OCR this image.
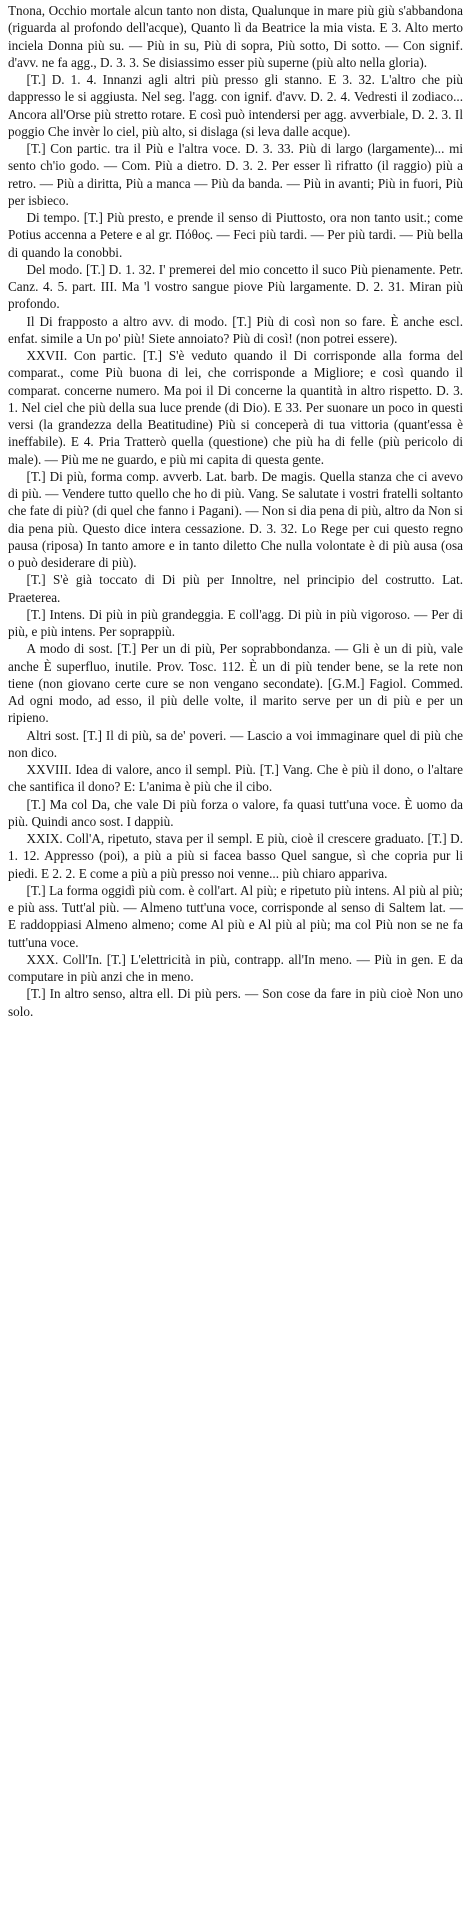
Tnona, Occhio mortale alcun tanto non dista, Qualunque in mare più giù s'abbandona (riguarda al profondo dell'acque), Quanto lì da Beatrice la mia vista. E 3. Alto merto inciela Donna più su. — Più in su, Più di sopra, Più sotto, Di sotto. — Con signif. d'avv. ne fa agg., D. 3. 3. Se disiassimo esser più superne (più alto nella gloria).

[T.] D. 1. 4. Innanzi agli altri più presso gli stanno. E 3. 32. L'altro che più dappresso le si aggiusta. Nel seg. l'agg. con ignif. d'avv. D. 2. 4. Vedresti il zodiaco... Ancora all'Orse più stretto rotare. E così può intendersi per agg. avverbiale, D. 2. 3. Il poggio Che invèr lo ciel, più alto, si dislaga (si leva dalle acque).

[T.] Con partic. tra il Più e l'altra voce. D. 3. 33. Più di largo (largamente)... mi sento ch'io godo. — Com. Più a dietro. D. 3. 2. Per esser lì rifratto (il raggio) più a retro. — Più a diritta, Più a manca — Più da banda. — Più in avanti; Più in fuori, Più per isbieco.

Di tempo. [T.] Più presto, e prende il senso di Piuttosto, ora non tanto usit.; come Potius accenna a Petere e al gr. Πόθος. — Feci più tardi. — Per più tardi. — Più bella di quando la conobbi.

Del modo. [T.] D. 1. 32. I' premerei del mio concetto il suco Più pienamente. Petr. Canz. 4. 5. part. III. Ma 'l vostro sangue piove Più largamente. D. 2. 31. Miran più profondo.

Il Di frapposto a altro avv. di modo. [T.] Più di così non so fare. È anche escl. enfat. simile a Un po' più! Siete annoiato? Più di così! (non potrei essere).

XXVII. Con partic. [T.] S'è veduto quando il Di corrisponde alla forma del comparat., come Più buona di lei, che corrisponde a Migliore; e così quando il comparat. concerne numero. Ma poi il Di concerne la quantità in altro rispetto. D. 3. 1. Nel ciel che più della sua luce prende (di Dio). E 33. Per suonare un poco in questi versi (la grandezza della Beatitudine) Più si conceperà di tua vittoria (quant'essa è ineffabile). E 4. Pria Tratterò quella (questione) che più ha di felle (più pericolo di male). — Più me ne guardo, e più mi capita di questa gente.

[T.] Di più, forma comp. avverb. Lat. barb. De magis. Quella stanza che ci avevo di più. — Vendere tutto quello che ho di più. Vang. Se salutate i vostri fratelli soltanto che fate di più? (di quel che fanno i Pagani). — Non si dia pena di più, altro da Non si dia pena più. Questo dice intera cessazione. D. 3. 32. Lo Rege per cui questo regno pausa (riposa) In tanto amore e in tanto diletto Che nulla volontate è di più ausa (osa o può desiderare di più).

[T.] S'è già toccato di Di più per Innoltre, nel principio del costrutto. Lat. Praeterea.

[T.] Intens. Di più in più grandeggia. E coll'agg. Di più in più vigoroso. — Per di più, e più intens. Per soprappiù.

A modo di sost. [T.] Per un di più, Per soprabbondanza. — Gli è un di più, vale anche È superfluo, inutile. Prov. Tosc. 112. È un di più tender bene, se la rete non tiene (non giovano certe cure se non vengano secondate). [G.M.] Fagiol. Commed. Ad ogni modo, ad esso, il più delle volte, il marito serve per un di più e per un ripieno.

Altri sost. [T.] Il di più, sa de' poveri. — Lascio a voi immaginare quel di più che non dico.

XXVIII. Idea di valore, anco il sempl. Più. [T.] Vang. Che è più il dono, o l'altare che santifica il dono? E: L'anima è più che il cibo.

[T.] Ma col Da, che vale Di più forza o valore, fa quasi tutt'una voce. È uomo da più. Quindi anco sost. I dappiù.

XXIX. Coll'A, ripetuto, stava per il sempl. E più, cioè il crescere graduato. [T.] D. 1. 12. Appresso (poi), a più a più si facea basso Quel sangue, sì che copria pur li piedi. E 2. 2. E come a più a più presso noi venne... più chiaro appariva.

[T.] La forma oggidì più com. è coll'art. Al più; e ripetuto più intens. Al più al più; e più ass. Tutt'al più. — Almeno tutt'una voce, corrisponde al senso di Saltem lat. — E raddoppiasi Almeno almeno; come Al più e Al più al più; ma col Più non se ne fa tutt'una voce.

XXX. Coll'In. [T.] L'elettricità in più, contrapp. all'In meno. — Più in gen. E da computare in più anzi che in meno.

[T.] In altro senso, altra ell. Di più pers. — Son cose da fare in più cioè Non uno solo.
